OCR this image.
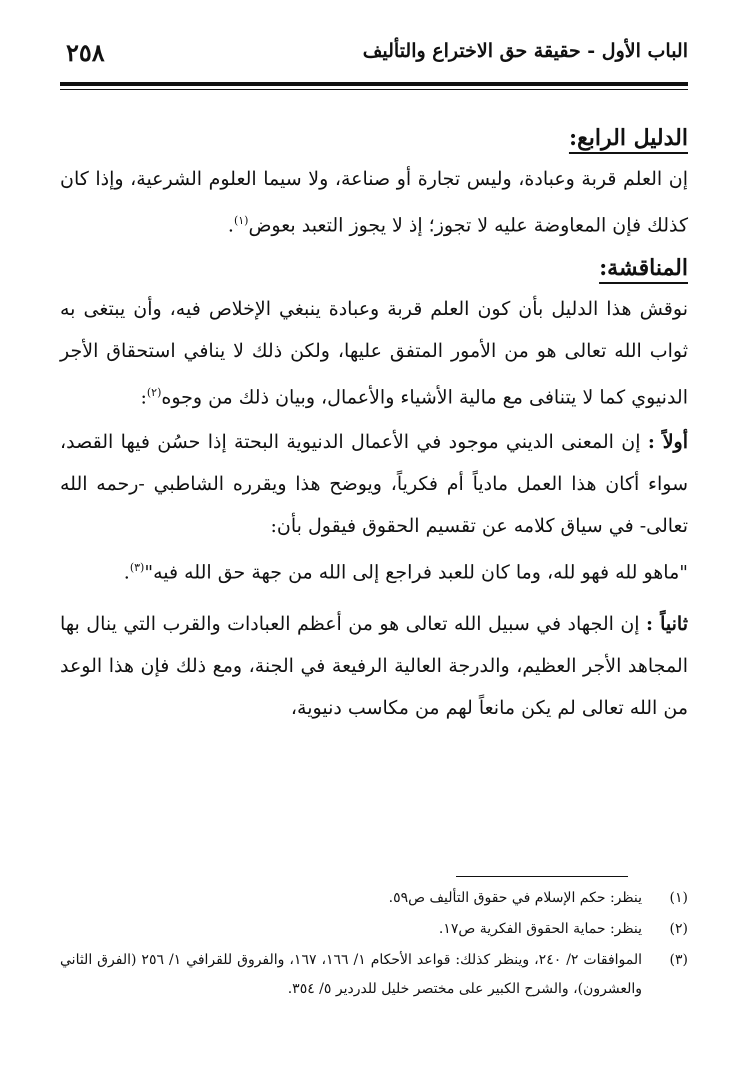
الباب الأول - حقيقة حق الاختراع والتأليف
٢٥٨
الدليل الرابع:

إن العلم قربة وعبادة، وليس تجارة أو صناعة، ولا سيما العلوم الشرعية، وإذا كان كذلك فإن المعاوضة عليه لا تجوز؛ إذ لا يجوز التعبد بعوض$^{(١)}$.

المناقشة:

نوقش هذا الدليل بأن كون العلم قربة وعبادة ينبغي الإخلاص فيه، وأن يبتغى به ثواب الله تعالى هو من الأمور المتفق عليها، ولكن ذلك لا ينافي استحقاق الأجر الدنيوي كما لا يتنافى مع مالية الأشياء والأعمال، وبيان ذلك من وجوه$^{(٢)}$:

أولاً : إن المعنى الديني موجود في الأعمال الدنيوية البحتة إذا حسُن فيها القصد، سواء أكان هذا العمل مادياً أم فكرياً، ويوضح هذا ويقرره الشاطبي -رحمه الله تعالى- في سياق كلامه عن تقسيم الحقوق فيقول بأن:

"ماهو لله فهو لله، وما كان للعبد فراجع إلى الله من جهة حق الله فيه"$^{(٣)}$.

ثانياً : إن الجهاد في سبيل الله تعالى هو من أعظم العبادات والقرب التي ينال بها المجاهد الأجر العظيم، والدرجة العالية الرفيعة في الجنة، ومع ذلك فإن هذا الوعد من الله تعالى لم يكن مانعاً لهم من مكاسب دنيوية،

(١)
ينظر: حكم الإسلام في حقوق التأليف ص٥٩.
(٢)
ينظر: حماية الحقوق الفكرية ص١٧.
(٣)
الموافقات ٢/ ٢٤٠، وينظر كذلك: قواعد الأحكام ١/ ١٦٦، ١٦٧، والفروق للقرافي ١/ ٢٥٦ (الفرق الثاني والعشرون)، والشرح الكبير على مختصر خليل للدردير ٥/ ٣٥٤.
